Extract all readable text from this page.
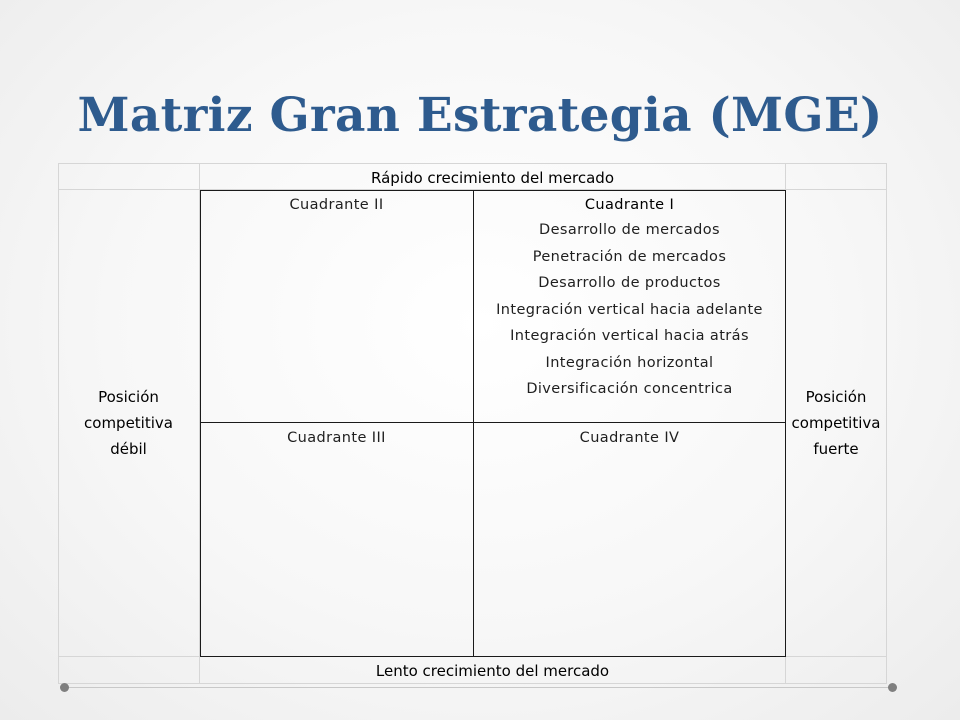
Matriz Gran Estrategia (MGE)
Rápido crecimiento del mercado
Lento crecimiento del mercado
Posición
competitiva
débil
Posición
competitiva
fuerte
Cuadrante II	Cuadrante I
Cuadrante III	Cuadrante IV
Desarrollo de mercados
Penetración de mercados
Desarrollo de productos
Integración vertical hacia adelante
Integración vertical hacia atrás
Integración horizontal
Diversificación concentrica
